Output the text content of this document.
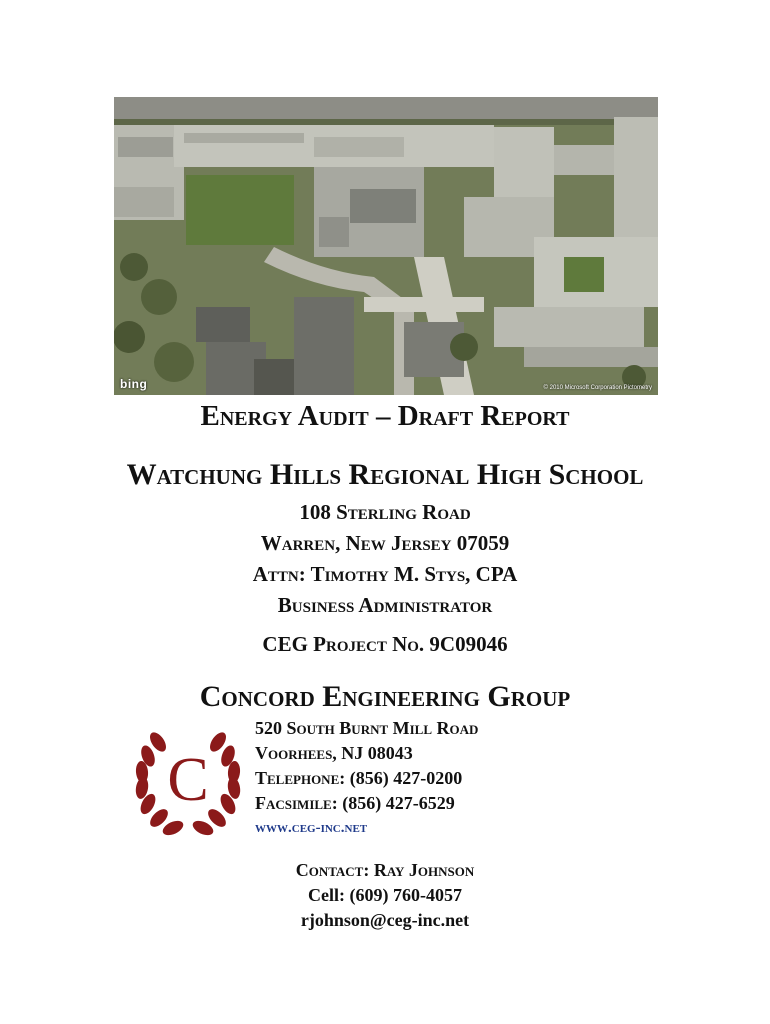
bing	© 2010 Microsoft Corporation Pictometry
Energy Audit – Draft Report
Watchung Hills Regional High School
108 Sterling Road
Warren, New Jersey 07059
Attn: Timothy M. Stys, CPA
Business Administrator
CEG Project No. 9C09046
Concord Engineering Group
C
520 South Burnt Mill Road
Voorhees, NJ 08043
Telephone: (856) 427-0200
Facsimile: (856) 427-6529
www.ceg-inc.net
Contact: Ray Johnson
Cell: (609) 760-4057
rjohnson@ceg-inc.net
